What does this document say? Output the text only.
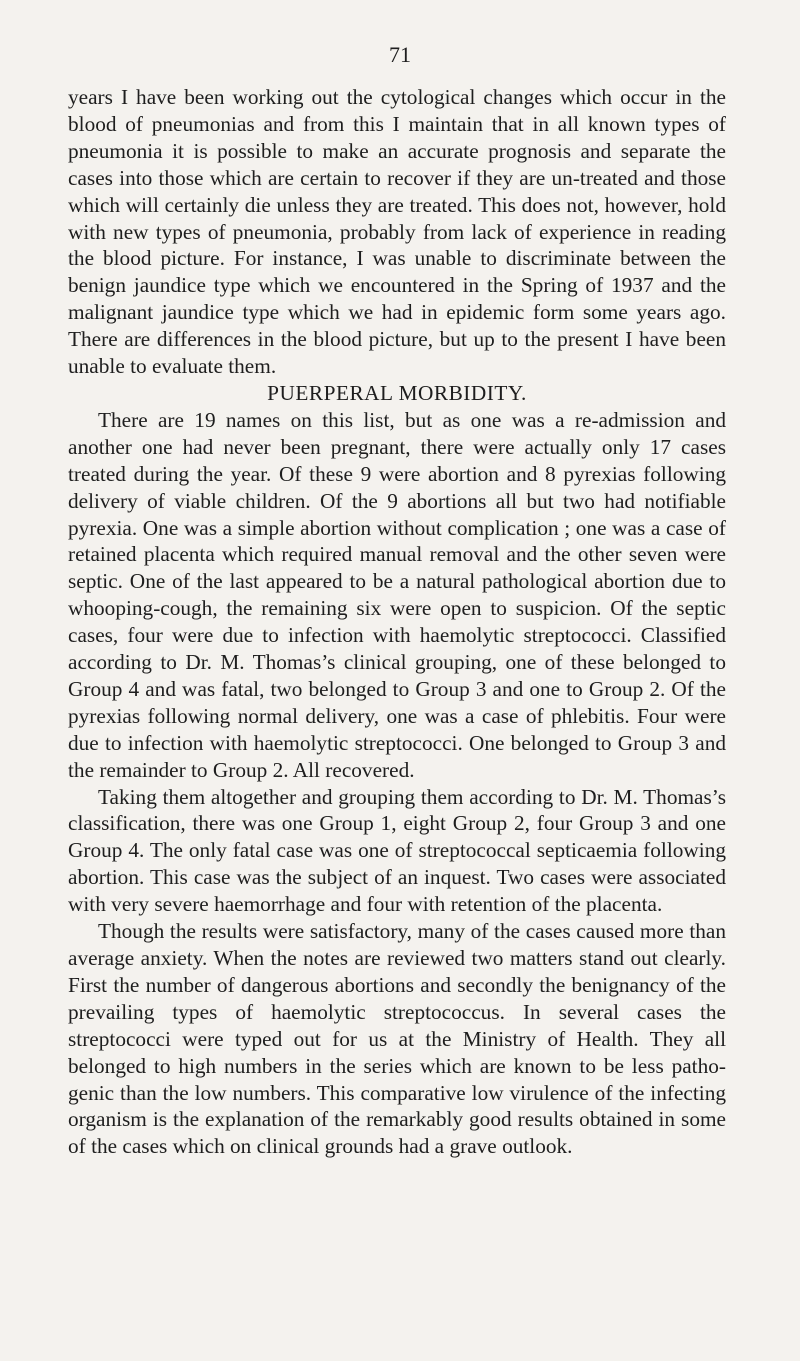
71

years I have been working out the cytological changes which occur in the blood of pneumonias and from this I maintain that in all known types of pneumonia it is possible to make an accurate prognosis and separate the cases into those which are certain to recover if they are un-treated and those which will certainly die unless they are treated. This does not, however, hold with new types of pneumonia, probably from lack of experience in reading the blood picture. For instance, I was unable to discriminate between the benign jaundice type which we encountered in the Spring of 1937 and the malignant jaundice type which we had in epidemic form some years ago. There are differences in the blood picture, but up to the present I have been unable to evaluate them.

PUERPERAL MORBIDITY.

There are 19 names on this list, but as one was a re-admission and another one had never been pregnant, there were actually only 17 cases treated during the year. Of these 9 were abortion and 8 pyrexias following delivery of viable children. Of the 9 abortions all but two had notifiable pyrexia. One was a simple abortion without complication ; one was a case of retained placenta which required manual removal and the other seven were septic. One of the last appeared to be a natural pathological abortion due to whooping-cough, the remaining six were open to suspicion. Of the septic cases, four were due to infection with haemolytic streptococci. Classified according to Dr. M. Thomas’s clinical grouping, one of these belonged to Group 4 and was fatal, two belonged to Group 3 and one to Group 2. Of the pyrexias following normal delivery, one was a case of phlebitis. Four were due to infection with haemolytic streptococci. One belonged to Group 3 and the remainder to Group 2. All recovered.

Taking them altogether and grouping them according to Dr. M. Thomas’s classification, there was one Group 1, eight Group 2, four Group 3 and one Group 4. The only fatal case was one of streptococcal septicaemia following abortion. This case was the subject of an inquest. Two cases were associated with very severe haemorrhage and four with retention of the placenta.

Though the results were satisfactory, many of the cases caused more than average anxiety. When the notes are reviewed two matters stand out clearly. First the number of dangerous abortions and secondly the benignancy of the prevailing types of haemolytic streptococcus. In several cases the streptococci were typed out for us at the Ministry of Health. They all belonged to high numbers in the series which are known to be less patho-genic than the low numbers. This comparative low virulence of the infecting organism is the explanation of the remarkably good results obtained in some of the cases which on clinical grounds had a grave outlook.
